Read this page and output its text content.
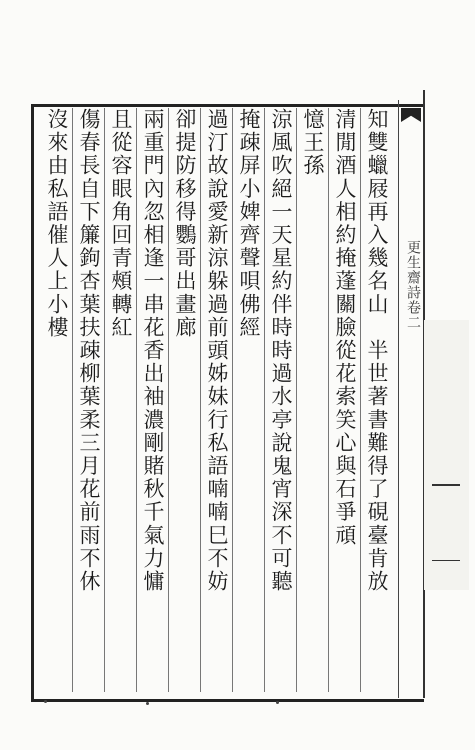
更生齋詩卷二
知雙蠟屐再入幾名山　半世著書難得了硯臺肯放
清閒酒人相約掩蓬關臉從花索笑心與石爭頑
憶王孫
涼風吹絕一天星約伴時時過水亭說鬼宵深不可聽
掩疎屏小婢齊聲唄佛經
過汀故說愛新涼躲過前頭姊妹行私語喃喃巳不妨
卻提防移得鸚哥出畫廊
兩重門內忽相逢一串花香出袖濃剛賭秋千氣力慵
且從容眼角回青頰轉紅
傷春長自下簾鉤杏葉扶疎柳葉柔三月花前雨不休
沒來由私語催人上小樓
